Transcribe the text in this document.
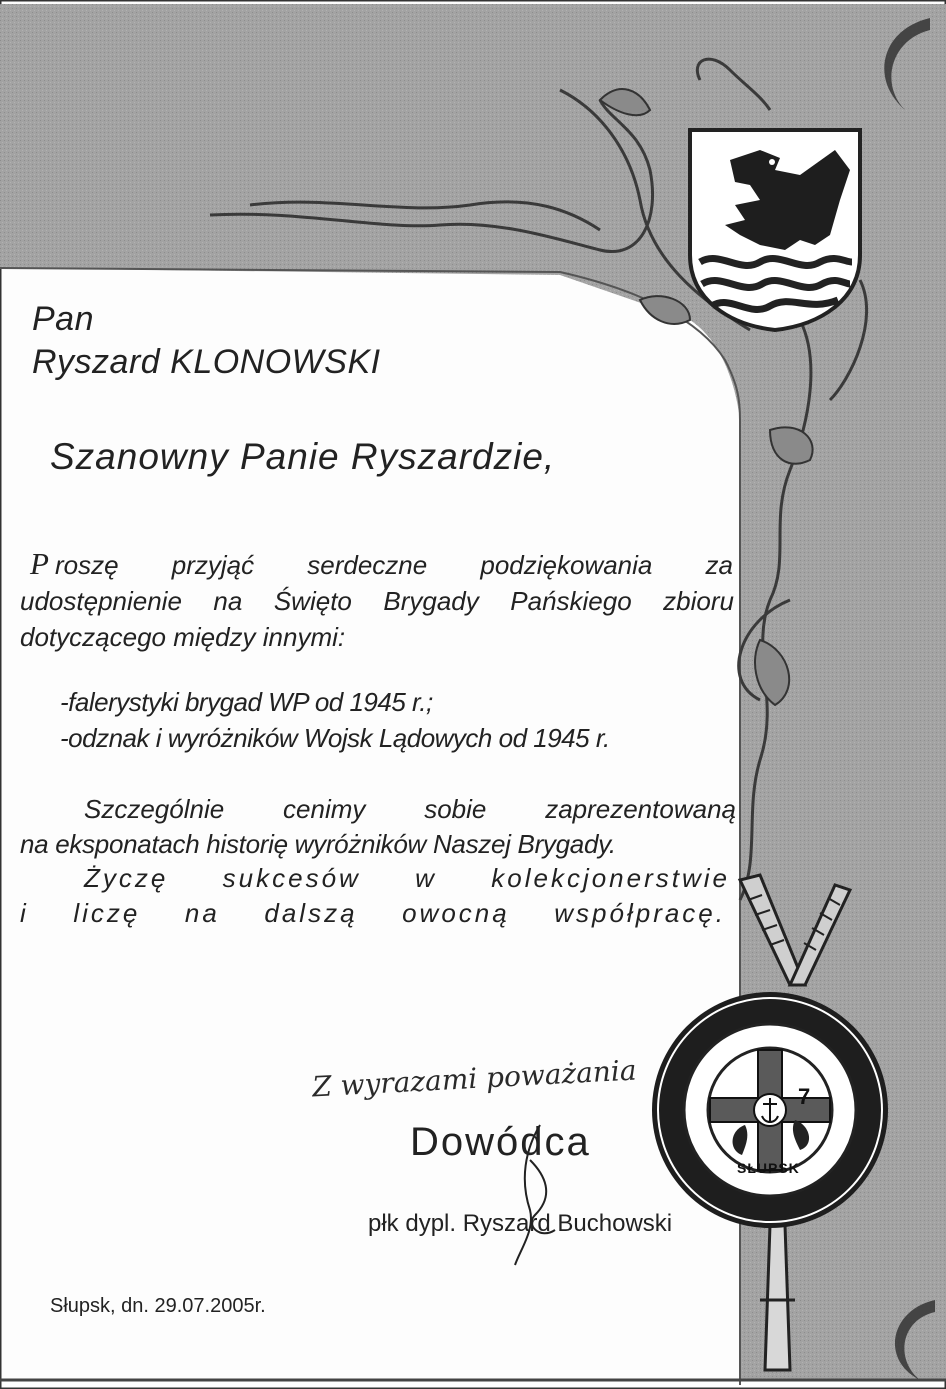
7
SŁUPSK
Pan
Ryszard KLONOWSKI
Szanowny Panie Ryszardzie,
P roszę przyjąć serdeczne podziękowania za
udostępnienie na Święto Brygady Pańskiego zbioru
dotyczącego między innymi:
-falerystyki brygad WP od 1945 r.;
-odznak i wyróżników Wojsk Lądowych od 1945 r.
Szczególnie cenimy sobie zaprezentowaną
na eksponatach historię wyróżników Naszej Brygady.
Życzę sukcesów w kolekcjonerstwie
i liczę na dalszą owocną współpracę.
Z wyrazami poważania
Dowódca
płk dypl. Ryszard Buchowski
Słupsk, dn. 29.07.2005r.
